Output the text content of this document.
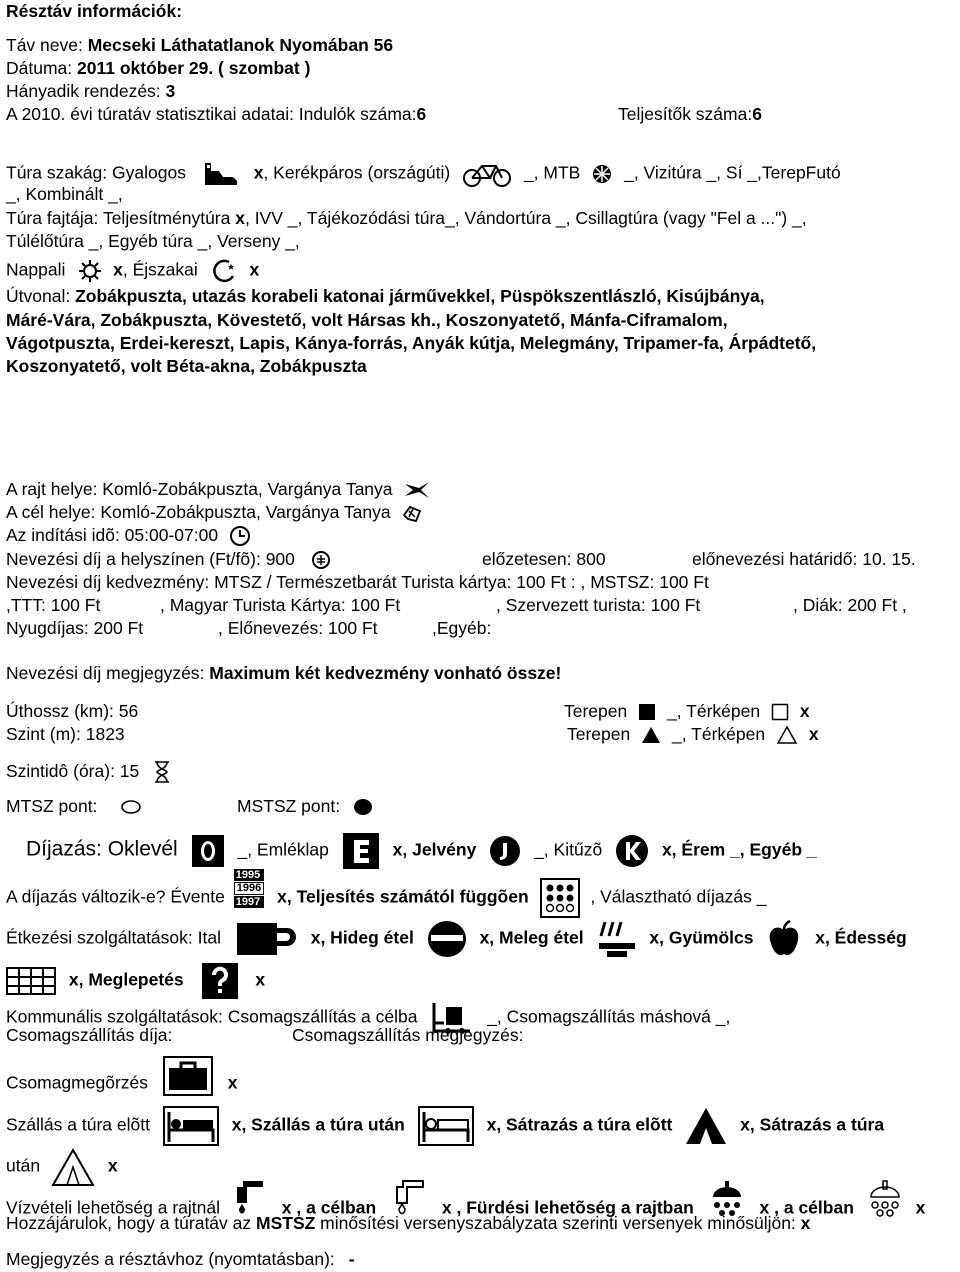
Résztáv információk:
Táv neve: Mecseki Láthatatlanok Nyomában 56
Dátuma: 2011 október 29. ( szombat )
Hányadik rendezés: 3
A 2010. évi túratáv statisztikai adatai: Indulók száma:6	Teljesítők száma:6
Túra szakág: Gyalogos	x, Kerékpáros (országúti)	_, MTB	_, Vizitúra _, Sí _,TerepFutó
_, Kombinált _,
Túra fajtája: Teljesítménytúra x, IVV _, Tájékozódási túra_, Vándortúra _, Csillagtúra (vagy "Fel a ...") _,
Túlélőtúra _, Egyéb túra _, Verseny _,
Nappali	x, Éjszakai	x
Útvonal: Zobákpuszta, utazás korabeli katonai járművekkel, Püspökszentlászló, Kisújbánya,
Máré-Vára, Zobákpuszta, Kövestető, volt Hársas kh., Koszonyatető, Mánfa-Ciframalom,
Vágotpuszta, Erdei-kereszt, Lapis, Kánya-forrás, Anyák kútja, Melegmány, Tripamer-fa, Árpádtető,
Koszonyatető, volt Béta-akna, Zobákpuszta
A rajt helye: Komló-Zobákpuszta, Vargánya Tanya
A cél helye: Komló-Zobákpuszta, Vargánya Tanya
Az indítási idõ: 05:00-07:00
Nevezési díj a helyszínen (Ft/fõ): 900	előzetesen: 800	előnevezési határidő: 10. 15.
Nevezési díj kedvezmény: MTSZ / Természetbarát Turista kártya: 100 Ft : , MSTSZ: 100 Ft
,TTT: 100 Ft	, Magyar Turista Kártya: 100 Ft	, Szervezett turista: 100 Ft	, Diák: 200 Ft ,
Nyugdíjas: 200 Ft	, Előnevezés: 100 Ft	,Egyéb:
Nevezési díj megjegyzés: Maximum két kedvezmény vonható össze!
Úthossz (km): 56	Terepen _, Térképen x
Szint (m): 1823	Terepen _, Térképen	x
Szintidô (óra): 15
MTSZ pont:	MSTSZ pont:
Díjazás: Oklevél	_, Emléklap	x, Jelvény	_, Kitűzõ	x, Érem _, Egyéb _
A díjazás változik-e? Évente
1995
1996
1997 x, Teljesítés számától függõen	, Választható díjazás _
Étkezési szolgáltatások: Ital	x, Hideg étel	x, Meleg étel	x, Gyümölcs	x, Édesség
x, Meglepetés	x
Kommunális szolgáltatások: Csomagszállítás a célba	_, Csomagszállítás máshová _,
Csomagszállítás díja:	Csomagszállítás megjegyzés:
Csomagmegõrzés	x
Szállás a túra elõtt	x, Szállás a túra után	x, Sátrazás a túra elõtt	x, Sátrazás a túra
után	x
Vízvételi lehetõség a rajtnál	x , a célban	x , Fürdési lehetõség a rajtban	x , a célban	x
Hozzájárulok, hogy a túratáv az MSTSZ minősítési versenyszabályzata szerinti versenyek minősüljön: x
Megjegyzés a résztávhoz (nyomtatásban): -
